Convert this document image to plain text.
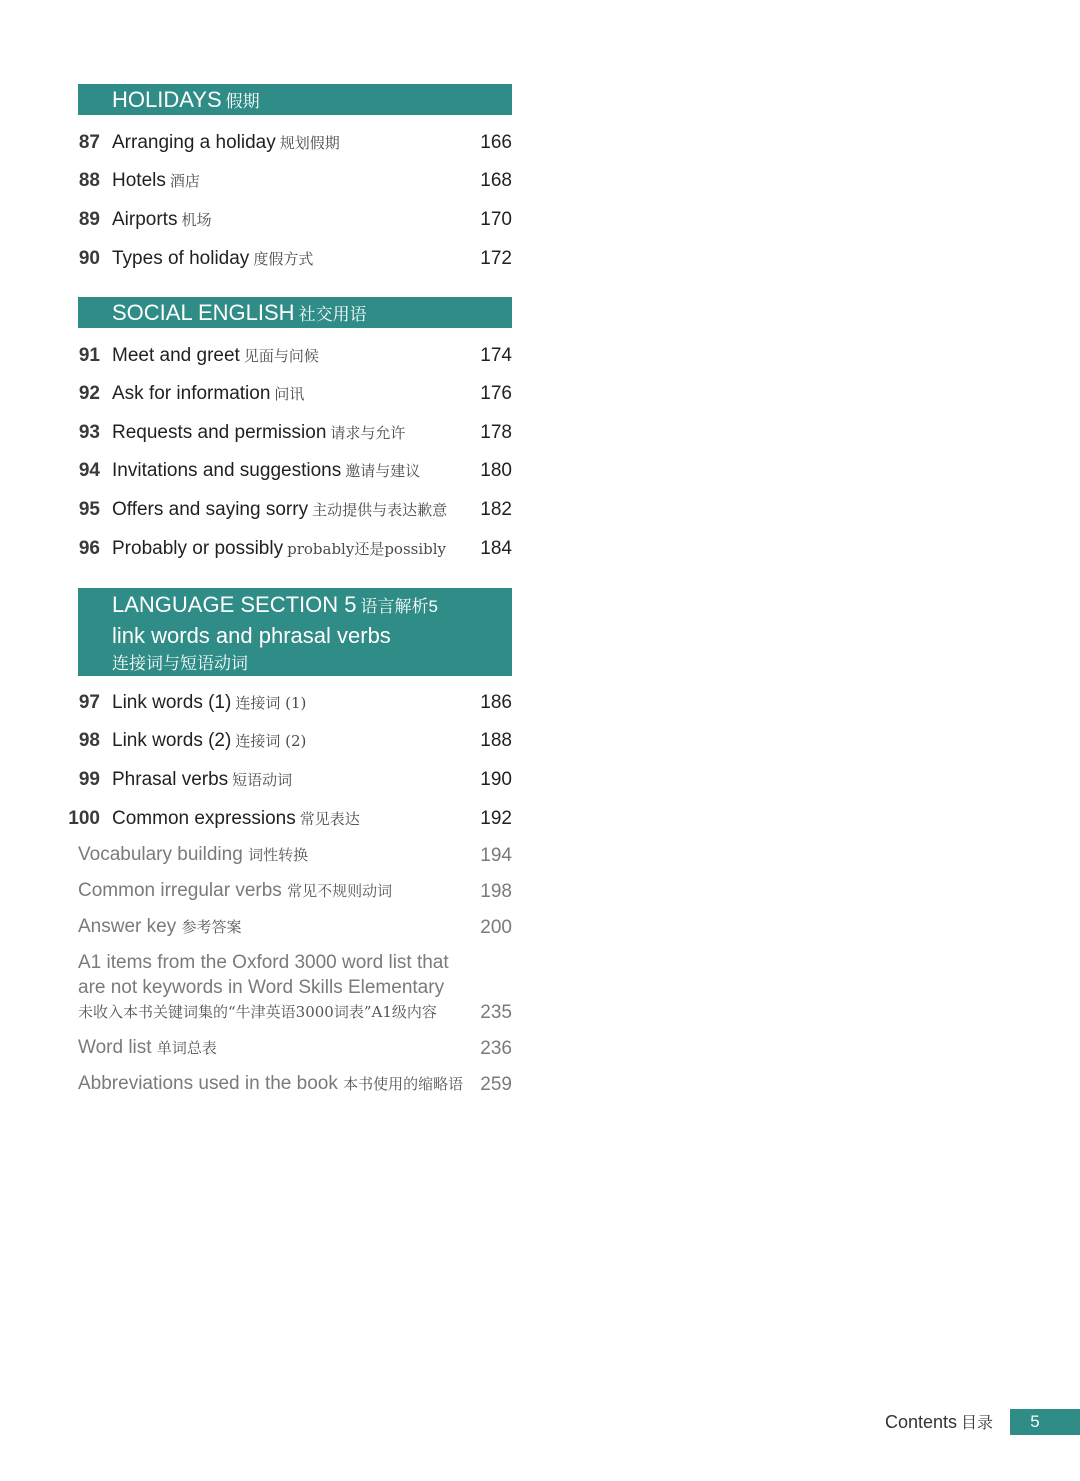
HOLIDAYS 假期
87 Arranging a holiday 规划假期	166
88 Hotels 酒店	168
89 Airports 机场	170
90 Types of holiday 度假方式	172
SOCIAL ENGLISH 社交用语
91 Meet and greet 见面与问候	174
92 Ask for information 问讯	176
93 Requests and permission 请求与允许	178
94 Invitations and suggestions 邀请与建议	180
95 Offers and saying sorry 主动提供与表达歉意 182
96 Probably or possibly probably还是possibly 184
LANGUAGE SECTION 5 语言解析5
link words and phrasal verbs
连接词与短语动词
97 Link words (1) 连接词 (1)	186
98 Link words (2) 连接词 (2)	188
99 Phrasal verbs 短语动词	190
100 Common expressions 常见表达	192
Vocabulary building 词性转换	194
Common irregular verbs 常见不规则动词	198
Answer key 参考答案	200
A1 items from the Oxford 3000 word list that
are not keywords in Word Skills Elementary
未收入本书关键词集的“牛津英语3000词表”A1级内容	235
Word list 单词总表	236
Abbreviations used in the book 本书使用的缩略语 259
Contents 目录	5
